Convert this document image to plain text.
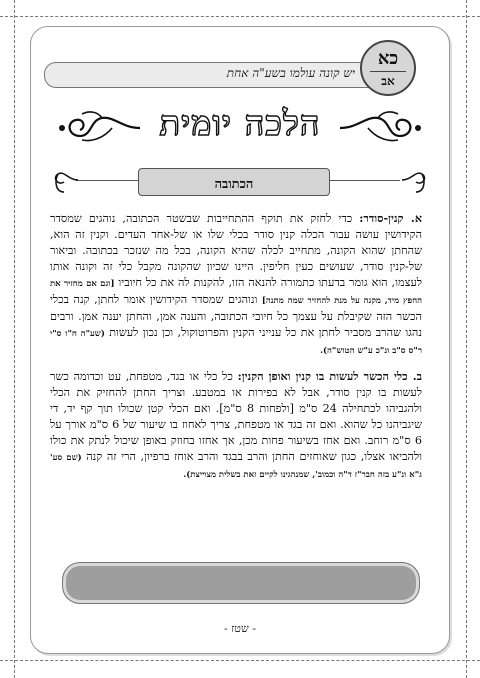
יש קונה עולמו בשע"ה אחת
כא
אב
הלכה יומית
$_{הכתובה}$

א. קנין-סודר: כדי לחזק את תוקף ההתחייבות שבשטר הכתובה, נוהגים שמסדר הקידושין עושה עבור הכלה קנין סודר בכלי שלו או של-אחד העדים. וקנין זה הוא, שהחתן שהוא הקונה, מתחייב לכלה שהיא הקונה, בכל מה שנזכר בכתובה. וביאור של-קנין סודר, שעושים כעין חליפין. היינו שכיון שהקונה מקבל כלי זה וקונה אותו לעצמו, הוא גומר בדעתו כתמורה להנאה הזו, להקנות לה את כל חיוביו [וגם אם מחזיר את החפץ מיד, מקנה על מנת להחזיר שמה מתנה] ונוהגים שמסדר הקידושין אומר לחתן, קנה בכלי הכשר הזה שקיבלת על עצמך כל חיובי הכתובה, והענה אמן, והחתן יענה אמן. ורבים נהגו שהרב מסביר לחתן את כל ענייני הקנין והפרוטוקול, וכן נכון לעשות (שע"ה ח"ו ס"י ר"ס ס"ב ונ"כ ע"ש הטוש"ה).

ב. כלי הכשר לעשות בו קנין ואופן הקנין: כל כלי או בגד, מטפחת, עט וכדומה כשר לעשות בו קנין סודר, אבל לא בפירות או במטבע. וצריך החתן להחזיק את הכלי ולהגביהו לכתחילה 24 ס"מ [ולפחות 8 ס"מ]. ואם הכלי קטן שכולו תוך קף יד, די שיגביהנו כל שהוא. ואם זה בגד או מטפחת, צריך לאחוז בו שיעור של 6 ס"מ אורך על 6 ס"מ רוחב. ואם אחז בשיעור פחות מכן, אך אחזו בחוזק באופן שיכול לנתק את כולו ולהביאו אצלו, כגון שאוחזים החתן והרב בבגד והרב אוחז ברפיון, הרי זה קנה (שם סע' ג"א ונ"ע בזה חבר"ז ד"ה וכמוב', שמנהגינו לקיים זאת בשלית מצוייצת).

- שטז -
